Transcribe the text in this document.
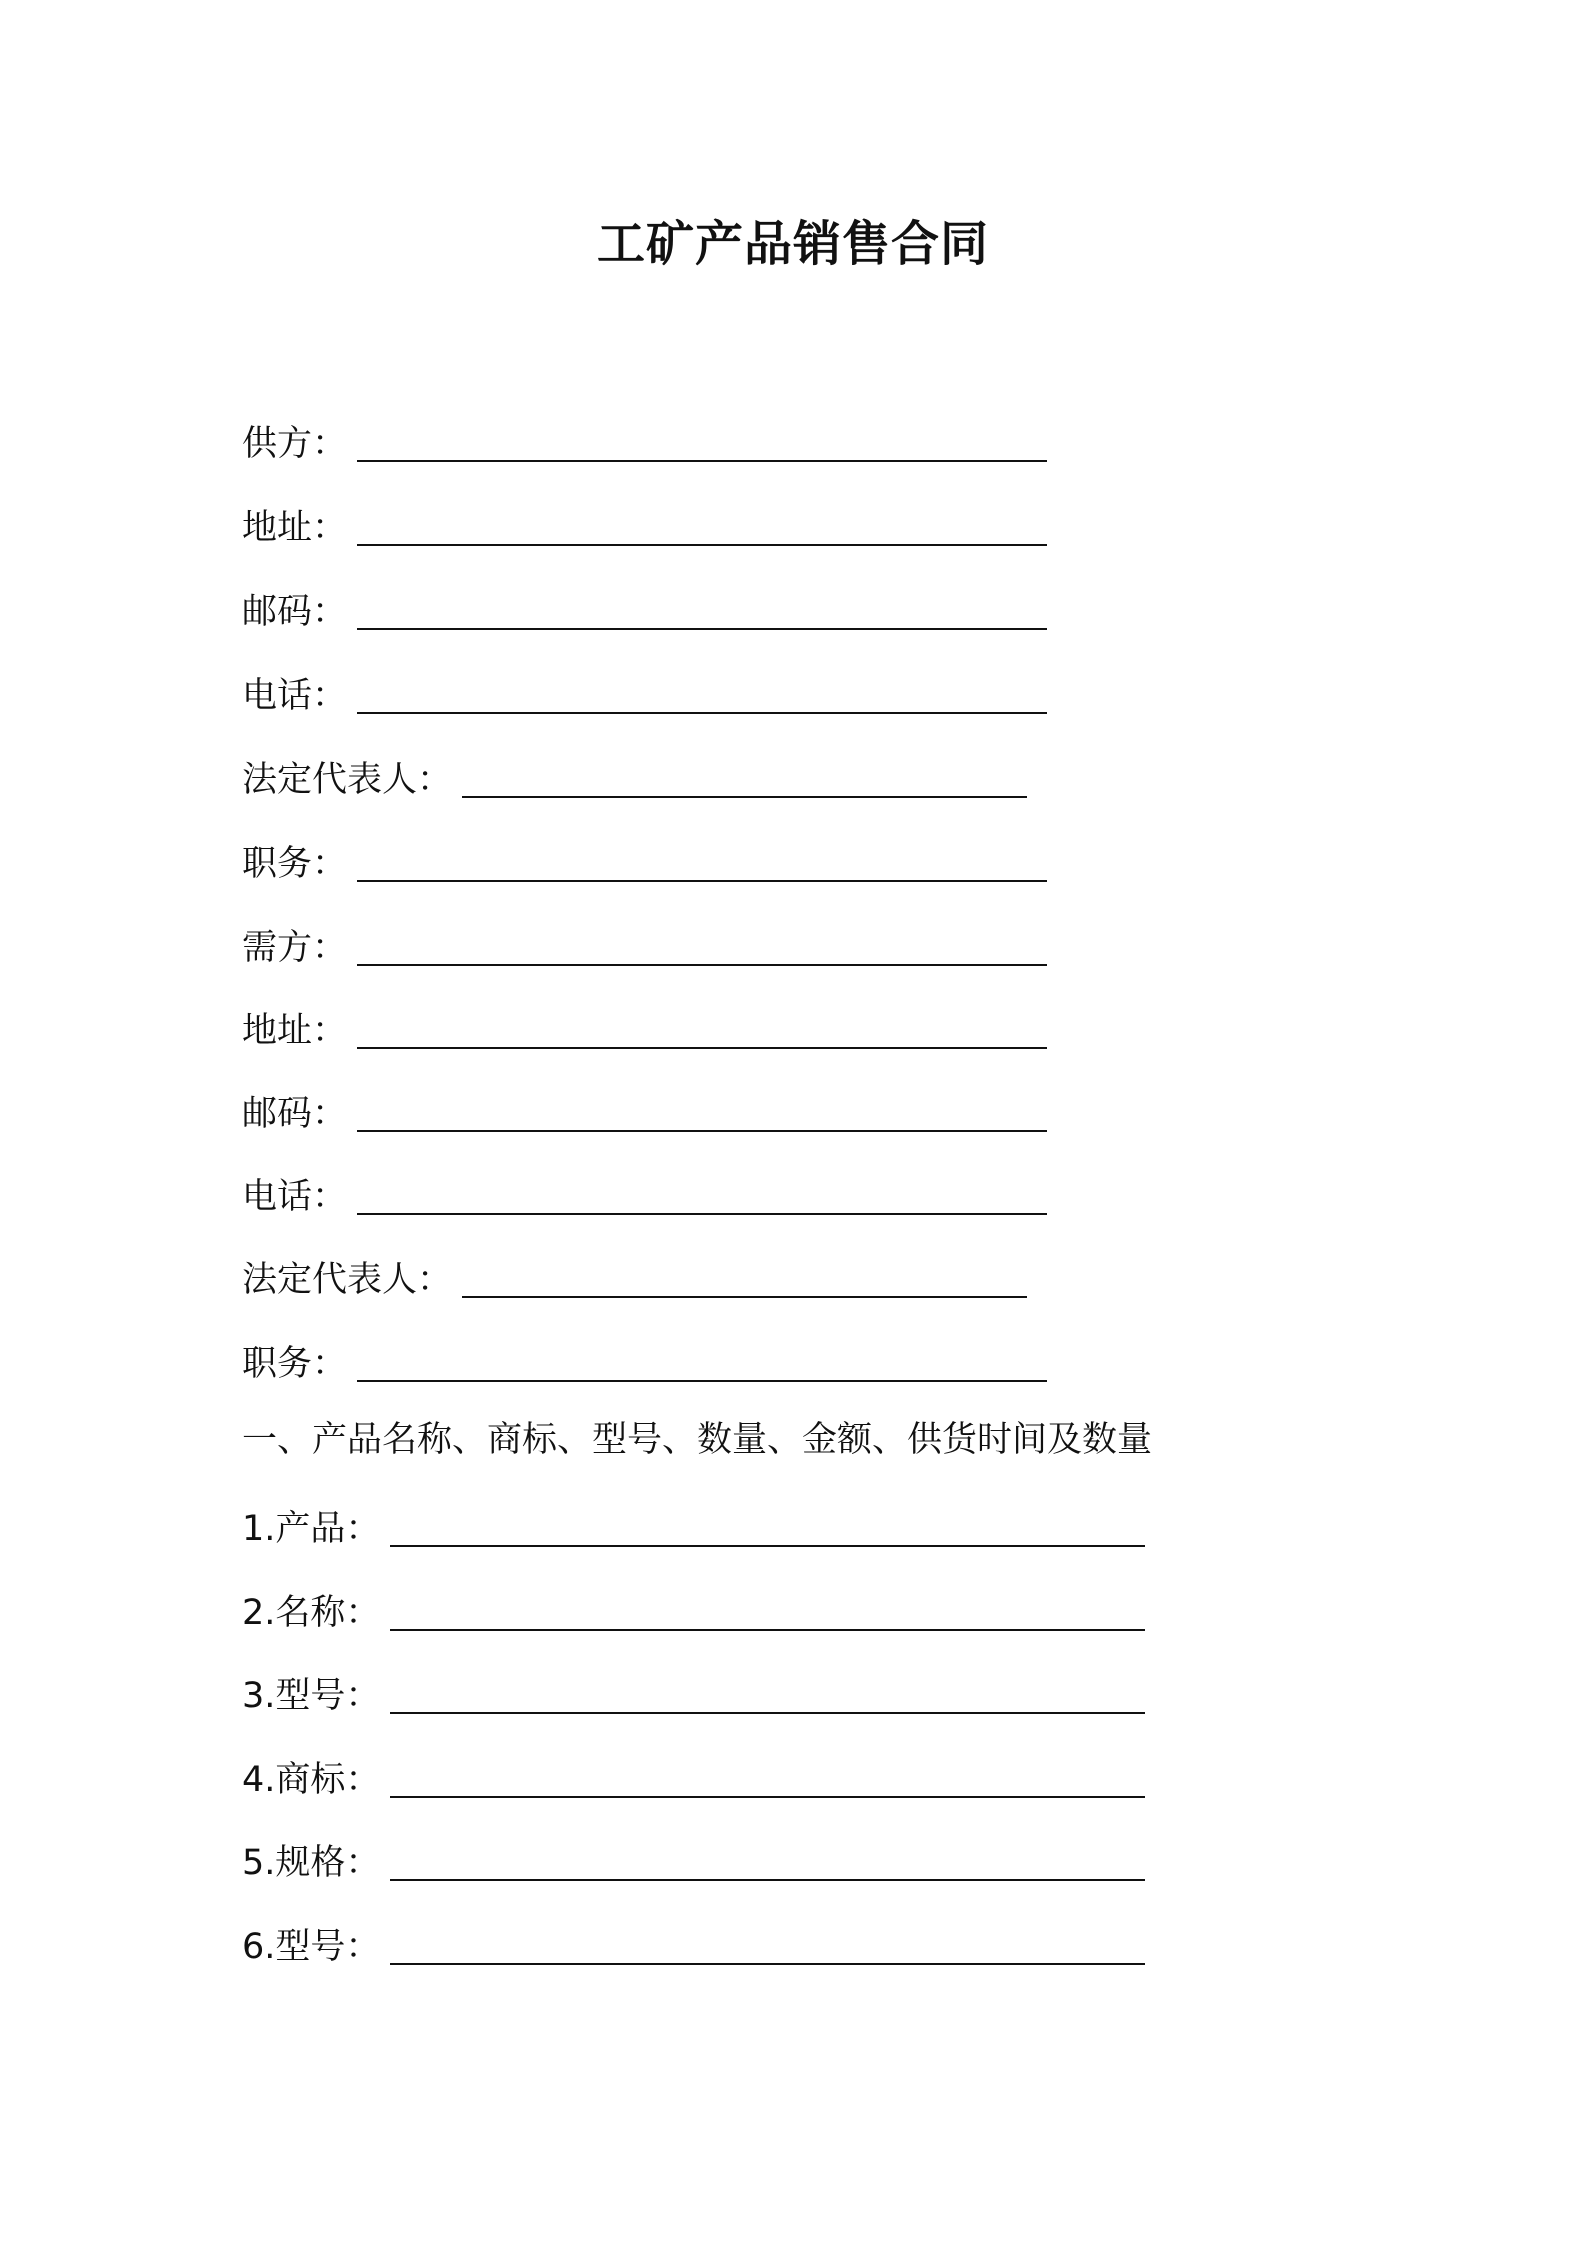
工矿产品销售合同
供方：
地址：
邮码：
电话：
法定代表人：
职务：
需方：
地址：
邮码：
电话：
法定代表人：
职务：
一、产品名称、商标、型号、数量、金额、供货时间及数量
1.产品：
2.名称：
3.型号：
4.商标：
5.规格：
6.型号：
